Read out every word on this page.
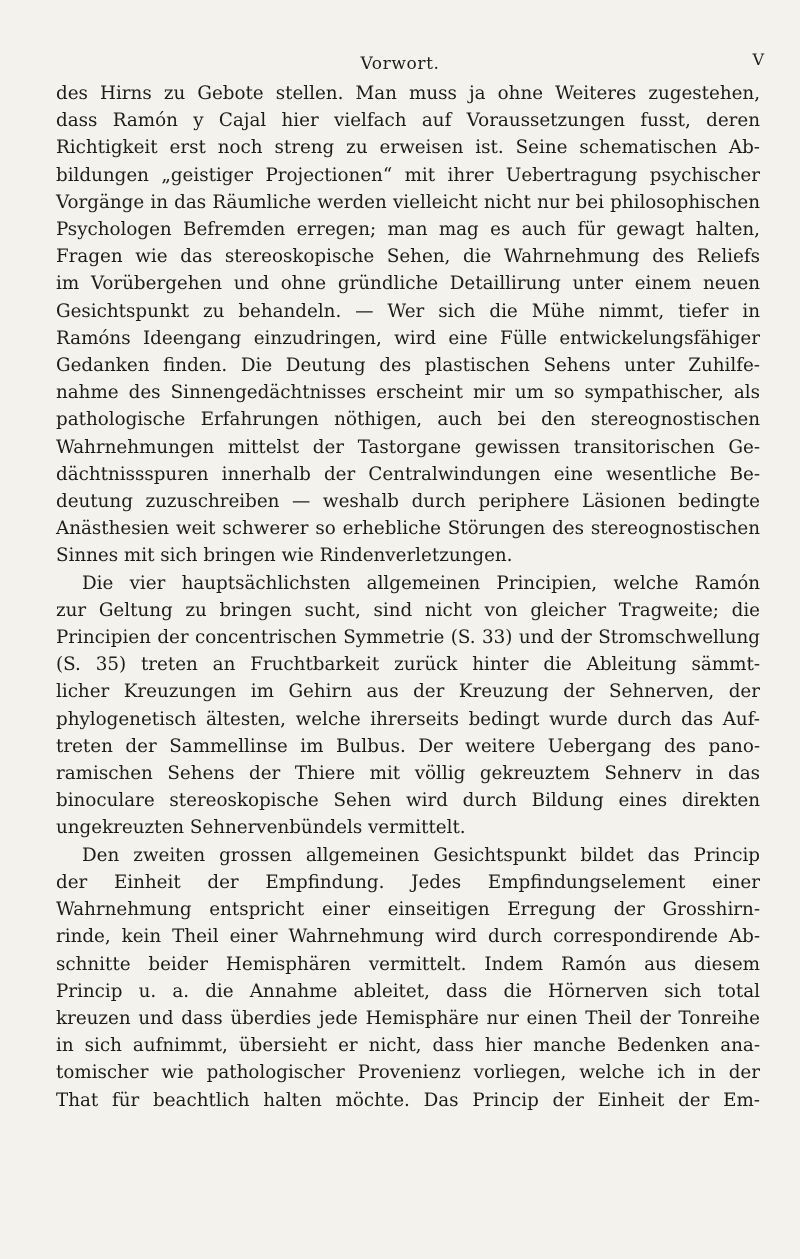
Vorwort.	V
des Hirns zu Gebote stellen. Man muss ja ohne Weiteres zugestehen,
dass Ramón y Cajal hier vielfach auf Voraussetzungen fusst, deren
Richtigkeit erst noch streng zu erweisen ist. Seine schematischen Ab-
bildungen „geistiger Projectionen“ mit ihrer Uebertragung psychischer
Vorgänge in das Räumliche werden vielleicht nicht nur bei philosophischen
Psychologen Befremden erregen; man mag es auch für gewagt halten,
Fragen wie das stereoskopische Sehen, die Wahrnehmung des Reliefs
im Vorübergehen und ohne gründliche Detaillirung unter einem neuen
Gesichtspunkt zu behandeln. — Wer sich die Mühe nimmt, tiefer in
Ramóns Ideengang einzudringen, wird eine Fülle entwickelungsfähiger
Gedanken finden. Die Deutung des plastischen Sehens unter Zuhilfe-
nahme des Sinnengedächtnisses erscheint mir um so sympathischer, als
pathologische Erfahrungen nöthigen, auch bei den stereognostischen
Wahrnehmungen mittelst der Tastorgane gewissen transitorischen Ge-
dächtnissspuren innerhalb der Centralwindungen eine wesentliche Be-
deutung zuzuschreiben — weshalb durch periphere Läsionen bedingte
Anästhesien weit schwerer so erhebliche Störungen des stereognostischen
Sinnes mit sich bringen wie Rindenverletzungen.
Die vier hauptsächlichsten allgemeinen Principien, welche Ramón
zur Geltung zu bringen sucht, sind nicht von gleicher Tragweite; die
Principien der concentrischen Symmetrie (S. 33) und der Stromschwellung
(S. 35) treten an Fruchtbarkeit zurück hinter die Ableitung sämmt-
licher Kreuzungen im Gehirn aus der Kreuzung der Sehnerven, der
phylogenetisch ältesten, welche ihrerseits bedingt wurde durch das Auf-
treten der Sammellinse im Bulbus. Der weitere Uebergang des pano-
ramischen Sehens der Thiere mit völlig gekreuztem Sehnerv in das
binoculare stereoskopische Sehen wird durch Bildung eines direkten
ungekreuzten Sehnervenbündels vermittelt.
Den zweiten grossen allgemeinen Gesichtspunkt bildet das Princip
der Einheit der Empfindung. Jedes Empfindungselement einer
Wahrnehmung entspricht einer einseitigen Erregung der Grosshirn-
rinde, kein Theil einer Wahrnehmung wird durch correspondirende Ab-
schnitte beider Hemisphären vermittelt. Indem Ramón aus diesem
Princip u. a. die Annahme ableitet, dass die Hörnerven sich total
kreuzen und dass überdies jede Hemisphäre nur einen Theil der Tonreihe
in sich aufnimmt, übersieht er nicht, dass hier manche Bedenken ana-
tomischer wie pathologischer Provenienz vorliegen, welche ich in der
That für beachtlich halten möchte. Das Princip der Einheit der Em-
